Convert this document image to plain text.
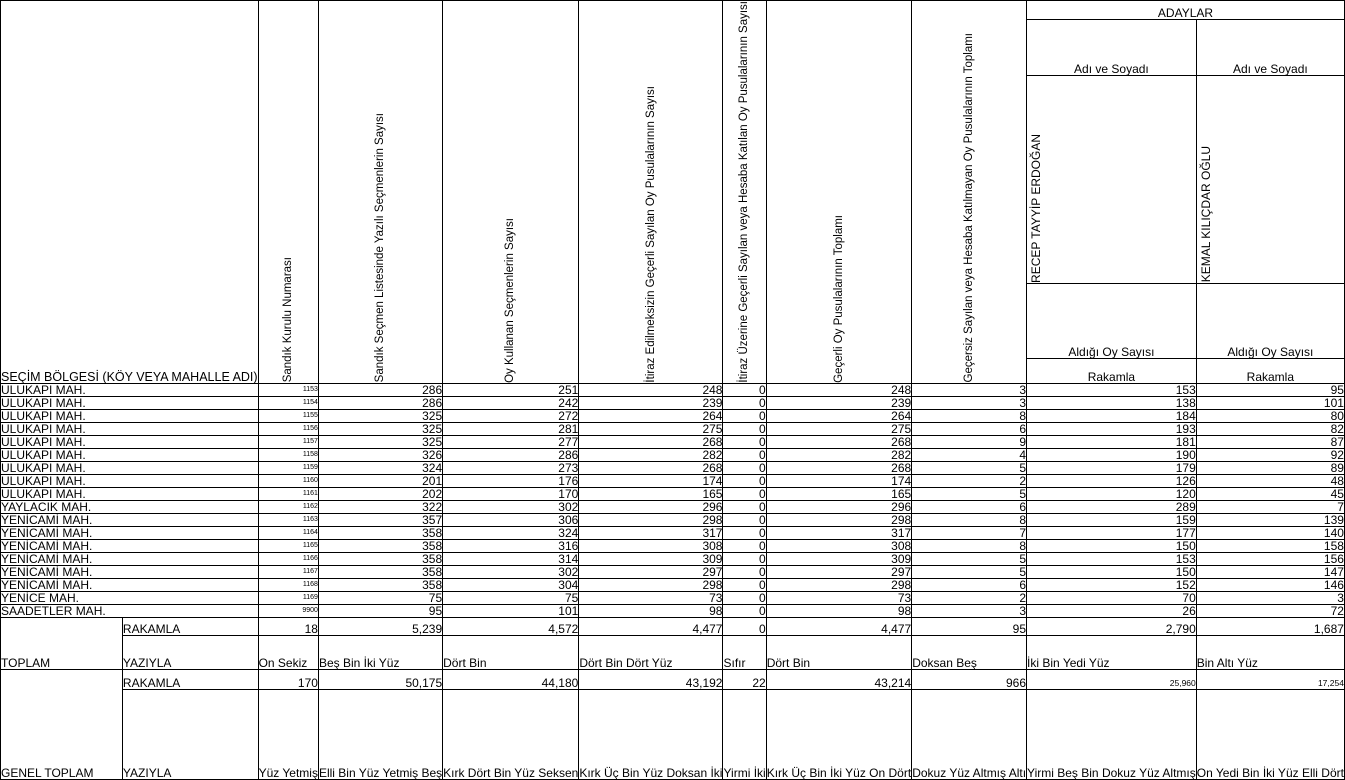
SEÇİM BÖLGESİ (KÖY VEYA MAHALLE ADI)		Sandık Kurulu Numarası	Sandık Seçmen Listesinde Yazılı Seçmenlerin Sayısı	Oy Kullanan Seçmenlerin Sayısı	İtiraz Edilmeksizin Geçerli Sayılan Oy Pusulalarının Sayısı	İtiraz Üzerine Geçerli Sayılan veya Hesaba Katılan Oy Pusulalarının Sayısı	Geçerli Oy Pusulalarının Toplamı	Geçersiz Sayılan veya Hesaba Katılmayan Oy Pusulalarının Toplamı	ADAYLAR	
									Adı ve Soyadı	Adı ve Soyadı

									RECEP TAYYİP ERDOĞAN	KEMAL KILIÇDAR OĞLU

									Aldığı Oy Sayısı	Aldığı Oy Sayısı
									Rakamla	Rakamla
ULUKAPI MAH.		1153	286	251	248	0	248	3	153	95
ULUKAPI MAH.		1154	286	242	239	0	239	3	138	101
ULUKAPI MAH.		1155	325	272	264	0	264	8	184	80
ULUKAPI MAH.		1156	325	281	275	0	275	6	193	82
ULUKAPI MAH.		1157	325	277	268	0	268	9	181	87
ULUKAPI MAH.		1158	326	286	282	0	282	4	190	92
ULUKAPI MAH.		1159	324	273	268	0	268	5	179	89
ULUKAPI MAH.		1160	201	176	174	0	174	2	126	48
ULUKAPI MAH.		1161	202	170	165	0	165	5	120	45
YAYLACIK MAH.		1162	322	302	296	0	296	6	289	7
YENİCAMİ MAH.		1163	357	306	298	0	298	8	159	139
YENİCAMİ MAH.		1164	358	324	317	0	317	7	177	140
YENİCAMİ MAH.		1165	358	316	308	0	308	8	150	158
YENİCAMİ MAH.		1166	358	314	309	0	309	5	153	156
YENİCAMİ MAH.		1167	358	302	297	0	297	5	150	147
YENİCAMİ MAH.		1168	358	304	298	0	298	6	152	146
YENİCE MAH.		1169	75	75	73	0	73	2	70	3
SAADETLER MAH.		9900	95	101	98	0	98	3	26	72
TOPLAM	RAKAMLA	18	5,239	4,572	4,477	0	4,477	95	2,790	1,687
	YAZIYLA	On Sekiz	Beş Bin İki Yüz	Dört Bin	Dört Bin Dört Yüz	Sıfır	Dört Bin	Doksan Beş	İki Bin Yedi Yüz	Bin Altı Yüz
GENEL TOPLAM	RAKAMLA	170	50,175	44,180	43,192	22	43,214	966	25,960	17,254
	YAZIYLA	Yüz Yetmiş	Elli Bin Yüz Yetmiş Beş	Kırk Dört Bin Yüz Seksen	Kırk Üç Bin Yüz Doksan İki	Yirmi İki	Kırk Üç Bin İki Yüz On Dört	Dokuz Yüz Altmış Altı	Yirmi Beş Bin Dokuz Yüz Altmış	On Yedi Bin İki Yüz Elli Dört
